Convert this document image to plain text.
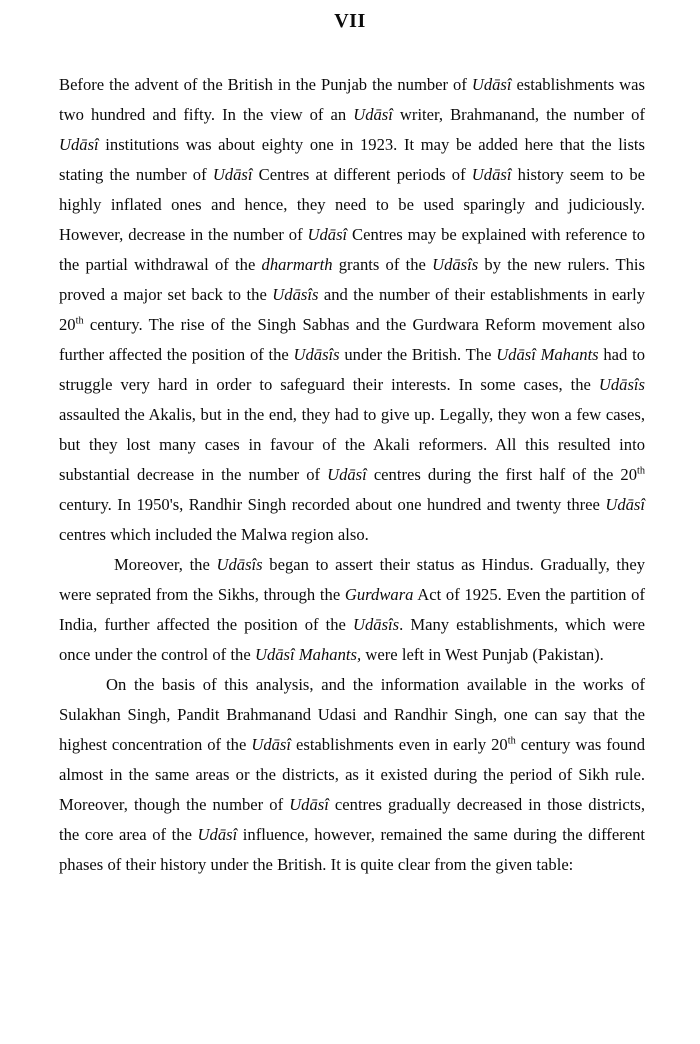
VII

Before the advent of the British in the Punjab the number of Udāsî establishments was two hundred and fifty. In the view of an Udāsî writer, Brahmanand, the number of Udāsî institutions was about eighty one in 1923. It may be added here that the lists stating the number of Udāsî Centres at different periods of Udāsî history seem to be highly inflated ones and hence, they need to be used sparingly and judiciously. However, decrease in the number of Udāsî Centres may be explained with reference to the partial withdrawal of the dharmarth grants of the Udāsîs by the new rulers. This proved a major set back to the Udāsîs and the number of their establishments in early 20th century. The rise of the Singh Sabhas and the Gurdwara Reform movement also further affected the position of the Udāsîs under the British. The Udāsî Mahants had to struggle very hard in order to safeguard their interests. In some cases, the Udāsîs assaulted the Akalis, but in the end, they had to give up. Legally, they won a few cases, but they lost many cases in favour of the Akali reformers. All this resulted into substantial decrease in the number of Udāsî centres during the first half of the 20th century. In 1950's, Randhir Singh recorded about one hundred and twenty three Udāsî centres which included the Malwa region also.

Moreover, the Udāsîs began to assert their status as Hindus. Gradually, they were seprated from the Sikhs, through the Gurdwara Act of 1925. Even the partition of India, further affected the position of the Udāsîs. Many establishments, which were once under the control of the Udāsî Mahants, were left in West Punjab (Pakistan).

On the basis of this analysis, and the information available in the works of Sulakhan Singh, Pandit Brahmanand Udasi and Randhir Singh, one can say that the highest concentration of the Udāsî establishments even in early 20th century was found almost in the same areas or the districts, as it existed during the period of Sikh rule. Moreover, though the number of Udāsî centres gradually decreased in those districts, the core area of the Udāsî influence, however, remained the same during the different phases of their history under the British. It is quite clear from the given table:
